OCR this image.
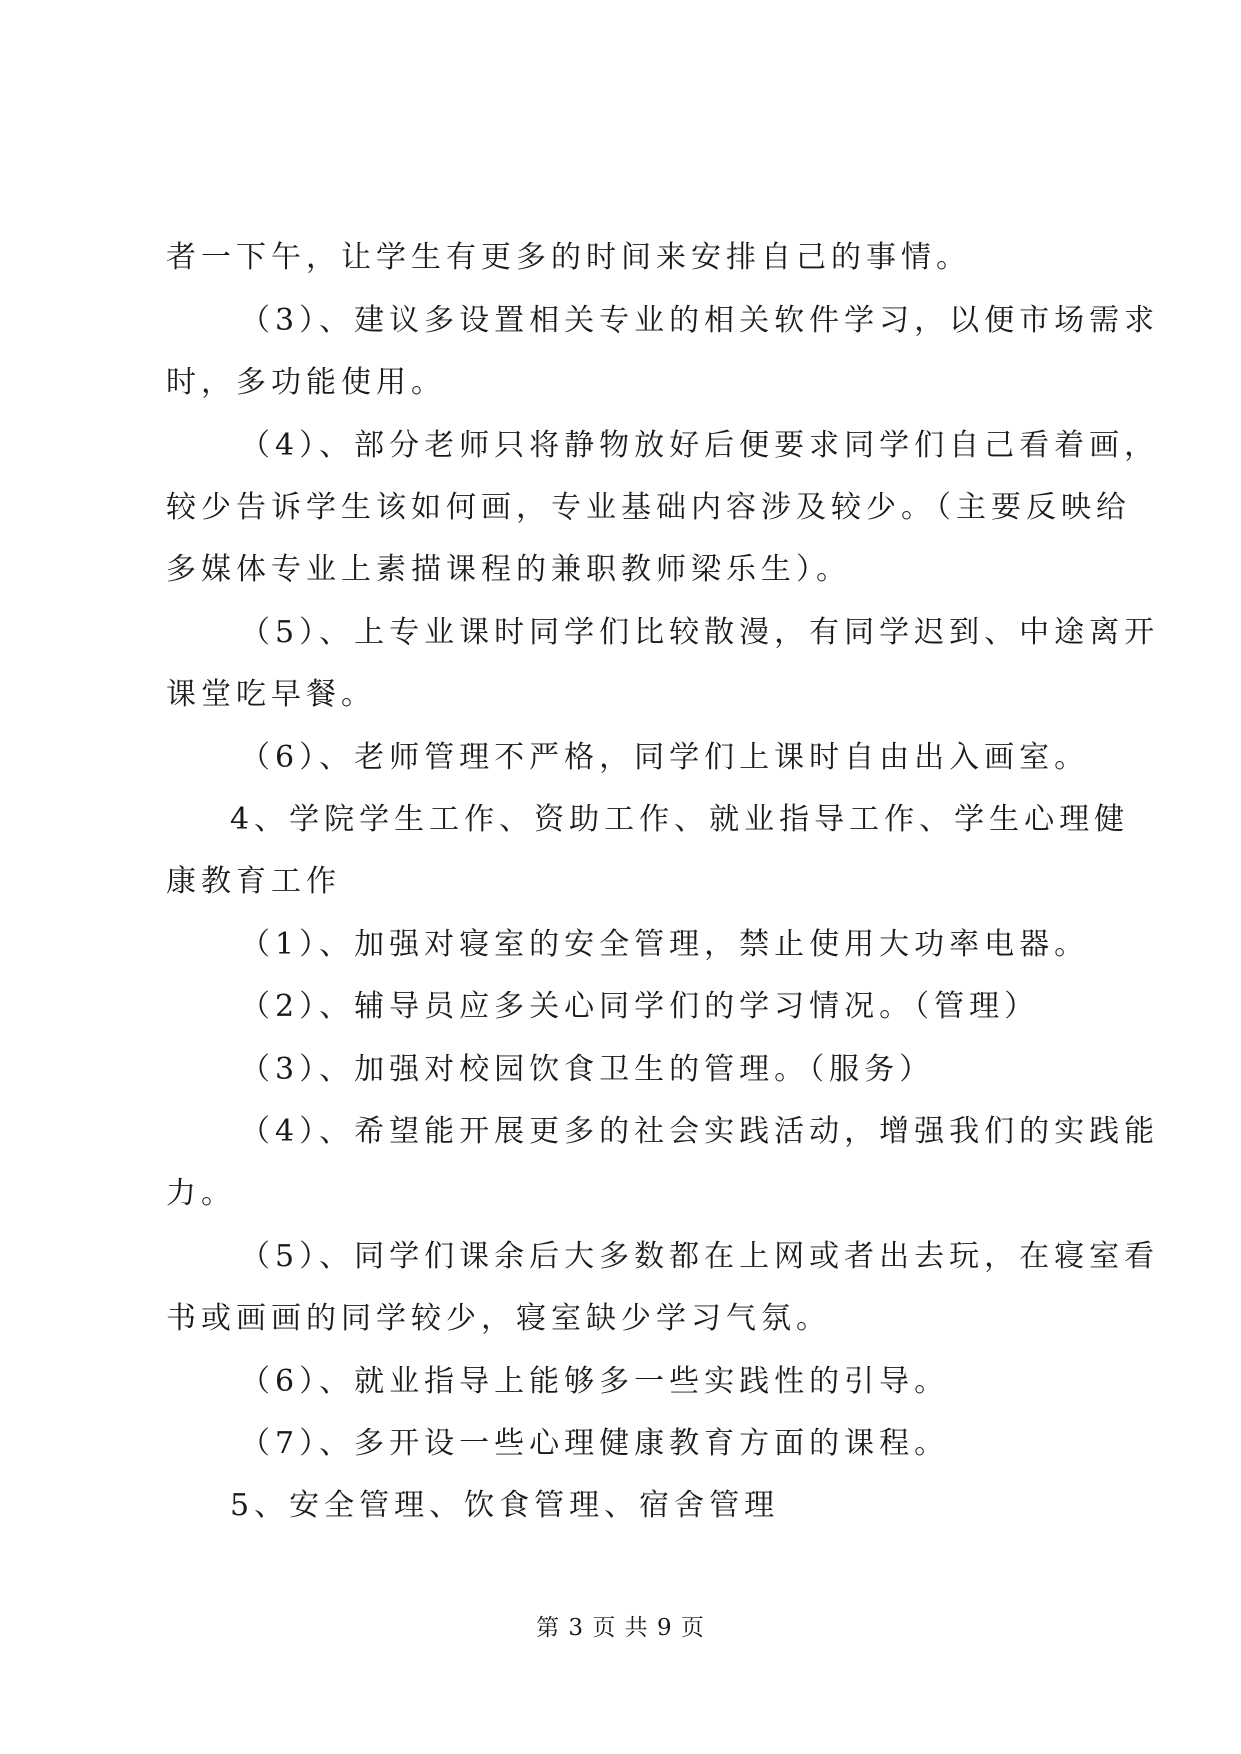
者一下午，让学生有更多的时间来安排自己的事情。
（3）、建议多设置相关专业的相关软件学习，以便市场需求
时，多功能使用。
（4）、部分老师只将静物放好后便要求同学们自己看着画，
较少告诉学生该如何画，专业基础内容涉及较少。（主要反映给
多媒体专业上素描课程的兼职教师梁乐生）。
（5）、上专业课时同学们比较散漫，有同学迟到、中途离开
课堂吃早餐。
（6）、老师管理不严格，同学们上课时自由出入画室。
4、学院学生工作、资助工作、就业指导工作、学生心理健
康教育工作
（1）、加强对寝室的安全管理，禁止使用大功率电器。
（2）、辅导员应多关心同学们的学习情况。（管理）
（3）、加强对校园饮食卫生的管理。（服务）
（4）、希望能开展更多的社会实践活动，增强我们的实践能
力。
（5）、同学们课余后大多数都在上网或者出去玩，在寝室看
书或画画的同学较少，寝室缺少学习气氛。
（6）、就业指导上能够多一些实践性的引导。
（7）、多开设一些心理健康教育方面的课程。
5、安全管理、饮食管理、宿舍管理
第 3 页 共 9 页
